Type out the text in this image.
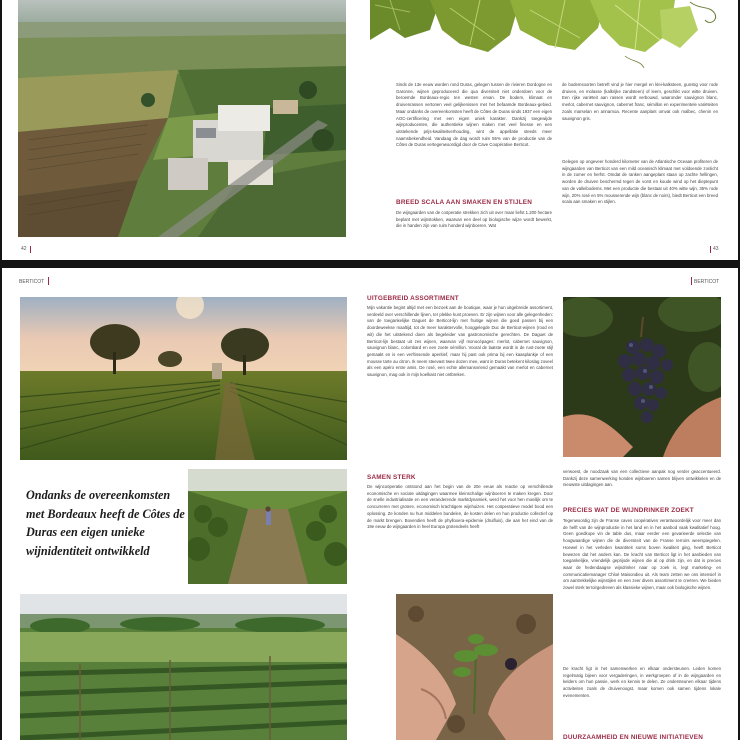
42

Sinds de 13e eeuw worden rond Duras, gelegen tussen de rivieren Dordogne en Garonne, wijnen geproduceerd die qua diversiteit niet onderdoen voor de beroemde Bordeaux-regio ten westen ervan. De bodem, klimaat en druivenrassen vertonen veel gelijkenissen met het befaamde Bordeaux-gebied. Maar ondanks de overeenkomsten heeft de Côtes de Duras sinds 1937 een eigen AOC-certificering met een eigen uniek karakter. Dankzij toegewijde wijnproducenten, die authentieke wijnen maken met veel finesse en een uitstekende prijs-kwaliteitverhouding, wint de appellatie steeds meer naamsbekendheid. Vandaag de dag wordt ruim 55% van de productie van de Côtes de Duras vertegenwoordigd door de Cave Coopérative Berticot.

BREED SCALA AAN SMAKEN EN STIJLEN

De wijngaarden van de coöperatie strekken zich uit over maar liefst 1.200 hectare beplant met wijnstokken, waarvan een deel op biologische wijze wordt bewerkt, die in handen zijn van ruim honderd wijnboeren. Wat

de bodemsoorten betreft vind je hier mergel en klei-kalksteen, gunstig voor rode druiven, en molasse (kalkrijke zandsteen) of leem, geschikt voor witte druiven. Een rijke variëteit aan rassen wordt verbouwd, waaronder sauvignon blanc, merlot, cabernet sauvignon, cabernet franc, sémillon en experimentele variëteiten zoals marselan en arinarnoa. Recente aanplant omvat ook malbec, chenin en sauvignon gris.

Gelegen op ongeveer honderd kilometer van de Atlantische Oceaan profiteren de wijngaarden van Berticot van een mild oceanisch klimaat met voldoende zonlicht in de zomer en herfst. Omdat de ranken aangeplant staan op zachte hellingen, worden de druiven beschermd tegen de vorst en koude wind op het dieptepunt van de valleibodems. Met een productie die bestaat uit 40% witte wijn, 35% rode wijn, 20% rosé en 5% mousserende wijn (blanc de noirs), biedt Berticot een breed scala aan smaken en stijlen.

43
BERTICOT	BERTICOT

Ondanks de overeenkomsten met Bordeaux heeft de Côtes de Duras een eigen unieke wijnidentiteit ontwikkeld

UITGEBREID ASSORTIMENT

Mijn vakantie begint altijd met een bezoek aan de boutique, waar je hun uitgebreide assortiment, verdeeld over verschillende lijnen, ter plekke kunt proeven. Er zijn wijnen voor alle gelegenheden: van de toegankelijke Daguet de Berticot-lijn met fruitige wijnen die goed passen bij een doordeweekse maaltijd, tot de meer karaktervolle, hooggelegde Duc de Berticot-wijnen (rood en wit) die het uitstekend doen als begeleider van gastronomische gerechten. De Daguet de Berticot-lijn bestaat uit zes wijnen, waarvan vijf monocépages: merlot, cabernet sauvignon, sauvignon blanc, colombard en een zoete sémillon. Vooral de laatste wordt in de rust-zoete stijl gemaakt en is een verfrissende aperitief, maar hij past ook prima bij een kaasplankje of een mousse tarte au citron. Ik neem steevast twee dozen mee, want in Duras betekent kiloslag zoveel als een apéro entre amis. De rosé, een echte allemansvriend gemaakt van merlot en cabernet sauvignon, mag ook in mijn koelkast niet ontbreken.

SAMEN STERK

De wijncoöperatie ontstond aan het begin van de 20e eeuw als reactie op verschillende economische en sociale uitdagingen waarmee kleinschalige wijnboeren te maken kregen. Door de snelle industrialisatie en een veranderende marktdynamiek, werd het voor hen moeilijk om te concurreren met grotere, economisch krachtigere wijnhuizen. Het coöperatieve model bood een oplossing. Ze konden nu hun middelen bundelen, de kosten delen en hun productie collectief op de markt brengen. Bovendien heeft de phylloxera-epidemie (druifluis), die aan het eind van de 19e eeuw de wijngaarden in heel Europa grotendeels heeft

verwoest, de noodzaak van een collectieve aanpak nog verder geaccentueerd. Dankzij deze samenwerking konden wijnboeren samen blijven ontwikkelen en de nieuwste uitdagingen aan.

PRECIES WAT DE WIJNDRINKER ZOEKT

Tegenwoordig zijn de Franse caves coopératives verantwoordelijk voor meer dan de helft van de wijnproductie in het land en in het aanbod vaak kwalitatief hoog. Geen goedkope vin de table dus, maar eerder een gevarieerde selectie van hoogwaardige wijnen die de diversiteit van de Franse terroirs weerspiegelen. Hoewel in het verleden kwantiteit soms boven kwaliteit ging, heeft Berticot bewezen dat het anders kan. De kracht van Berticot ligt in het aanbieden van toegankelijke, vriendelijk geprijsde wijnen die al op drink zijn, en dat is precies waar de hedendaagse wijndrinker naar op zoek is, legt marketing- en communicatiemanager Chloé Maisondieu uit. Als team zetten we ons intensief in om aantrekkelijke wijnstijlen en een zeer divers assortiment te creëren. We bieden zowel sterk terroirgedreven als klassieke wijnen, maar ook biologische wijnen.

De kracht ligt in het samenwerken en elkaar ondersteunen. Leden komen regelmatig bijeen voor vergaderingen, in werkgroepen of in de wijngaarden en kelders om hun passie, werk en kennis te delen. Ze ondersteunen elkaar tijdens activiteiten zoals de druivenoogst, maar komen ook samen tijdens lokale evenementen.

DUURZAAMHEID EN NIEUWE INITIATIEVEN
